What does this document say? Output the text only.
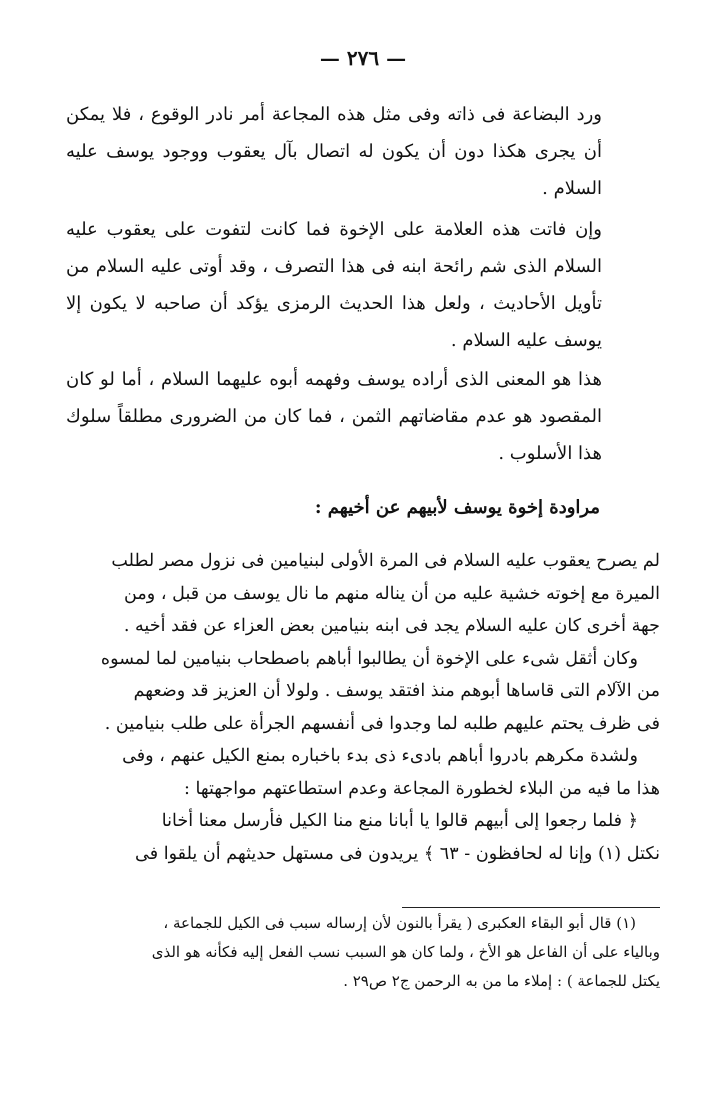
— ٢٧٦ —

ورد البضاعة فى ذاته وفى مثل هذه المجاعة أمر نادر الوقوع ، فلا يمكن أن يجرى هكذا دون أن يكون له اتصال بآل يعقوب ووجود يوسف عليه السلام .

وإن فاتت هذه العلامة على الإخوة فما كانت لتفوت على يعقوب عليه السلام الذى شم رائحة ابنه فى هذا التصرف ، وقد أوتى عليه السلام من تأويل الأحاديث ، ولعل هذا الحديث الرمزى يؤكد أن صاحبه لا يكون إلا يوسف عليه السلام .

هذا هو المعنى الذى أراده يوسف وفهمه أبوه عليهما السلام ، أما لو كان المقصود هو عدم مقاضاتهم الثمن ، فما كان من الضرورى مطلقاً سلوك هذا الأسلوب .

مراودة إخوة يوسف لأبيهم عن أخيهم :

لم يصرح يعقوب عليه السلام فى المرة الأولى لبنيامين فى نزول مصر لطلب

الميرة مع إخوته خشية عليه من أن يناله منهم ما نال يوسف من قبل ، ومن

جهة أخرى كان عليه السلام يجد فى ابنه بنيامين بعض العزاء عن فقد أخيه .

وكان أثقل شىء على الإخوة أن يطالبوا أباهم باصطحاب بنيامين لما لمسوه

من الآلام التى قاساها أبوهم منذ افتقد يوسف . ولولا أن العزيز قد وضعهم

فى ظرف يحتم عليهم طلبه لما وجدوا فى أنفسهم الجرأة على طلب بنيامين .

ولشدة مكرهم بادروا أباهم بادىء ذى بدء باخباره بمنع الكيل عنهم ، وفى

هذا ما فيه من البلاء لخطورة المجاعة وعدم استطاعتهم مواجهتها :

﴿ فلما رجعوا إلى أبيهم قالوا يا أبانا منع منا الكيل فأرسل معنا أخانا

نكتل (١) وإنا له لحافظون - ٦٣ ﴾ يريدون فى مستهل حديثهم أن يلقوا فى

(١) قال أبو البقاء العكبرى ( يقرأ بالنون لأن إرساله سبب فى الكيل للجماعة ،

وبالياء على أن الفاعل هو الأخ ، ولما كان هو السبب نسب الفعل إليه فكأنه هو الذى

يكتل للجماعة ) : إملاء ما من به الرحمن ج٢ ص٢٩ .
